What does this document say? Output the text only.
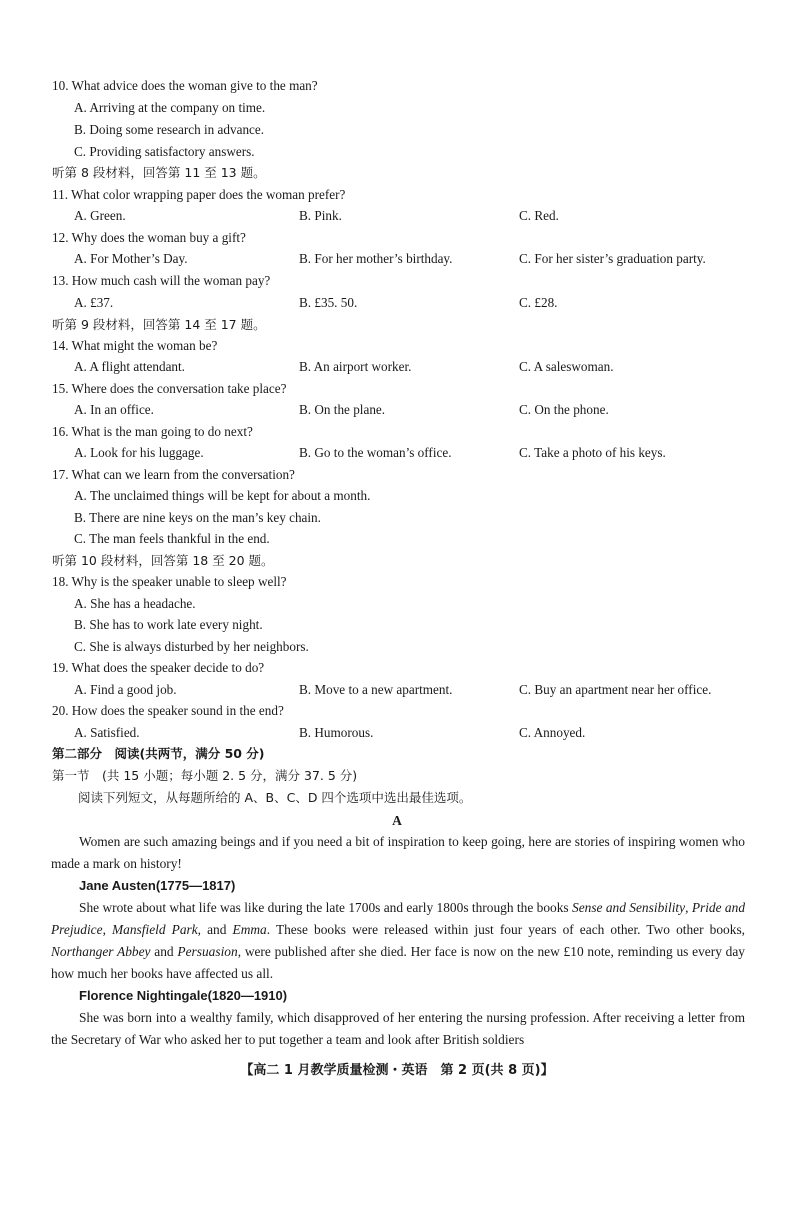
10. What advice does the woman give to the man?
A. Arriving at the company on time.
B. Doing some research in advance.
C. Providing satisfactory answers.
听第 8 段材料，回答第 11 至 13 题。
11. What color wrapping paper does the woman prefer?
A. Green.	B. Pink.	C. Red.
12. Why does the woman buy a gift?
A. For Mother’s Day.	B. For her mother’s birthday.	C. For her sister’s graduation party.
13. How much cash will the woman pay?
A. £37.	B. £35. 50.	C. £28.
听第 9 段材料，回答第 14 至 17 题。
14. What might the woman be?
A. A flight attendant.	B. An airport worker.	C. A saleswoman.
15. Where does the conversation take place?
A. In an office.	B. On the plane.	C. On the phone.
16. What is the man going to do next?
A. Look for his luggage.	B. Go to the woman’s office.	C. Take a photo of his keys.
17. What can we learn from the conversation?
A. The unclaimed things will be kept for about a month.
B. There are nine keys on the man’s key chain.
C. The man feels thankful in the end.
听第 10 段材料，回答第 18 至 20 题。
18. Why is the speaker unable to sleep well?
A. She has a headache.
B. She has to work late every night.
C. She is always disturbed by her neighbors.
19. What does the speaker decide to do?
A. Find a good job.	B. Move to a new apartment.	C. Buy an apartment near her office.
20. How does the speaker sound in the end?
A. Satisfied.	B. Humorous.	C. Annoyed.
第二部分　阅读(共两节，满分 50 分)
第一节　(共 15 小题；每小题 2. 5 分，满分 37. 5 分)
阅读下列短文，从每题所给的 A、B、C、D 四个选项中选出最佳选项。
A
Women are such amazing beings and if you need a bit of inspiration to keep going, here are stories of inspiring women who made a mark on history!
Jane Austen(1775—1817)
She wrote about what life was like during the late 1700s and early 1800s through the books Sense and Sensibility, Pride and Prejudice, Mansfield Park, and Emma. These books were released within just four years of each other. Two other books, Northanger Abbey and Persuasion, were published after she died. Her face is now on the new £10 note, reminding us every day how much her books have affected us all.
Florence Nightingale(1820—1910)
She was born into a wealthy family, which disapproved of her entering the nursing profession. After receiving a letter from the Secretary of War who asked her to put together a team and look after British soldiers
【高二 1 月教学质量检测・英语　第 2 页(共 8 页)】
